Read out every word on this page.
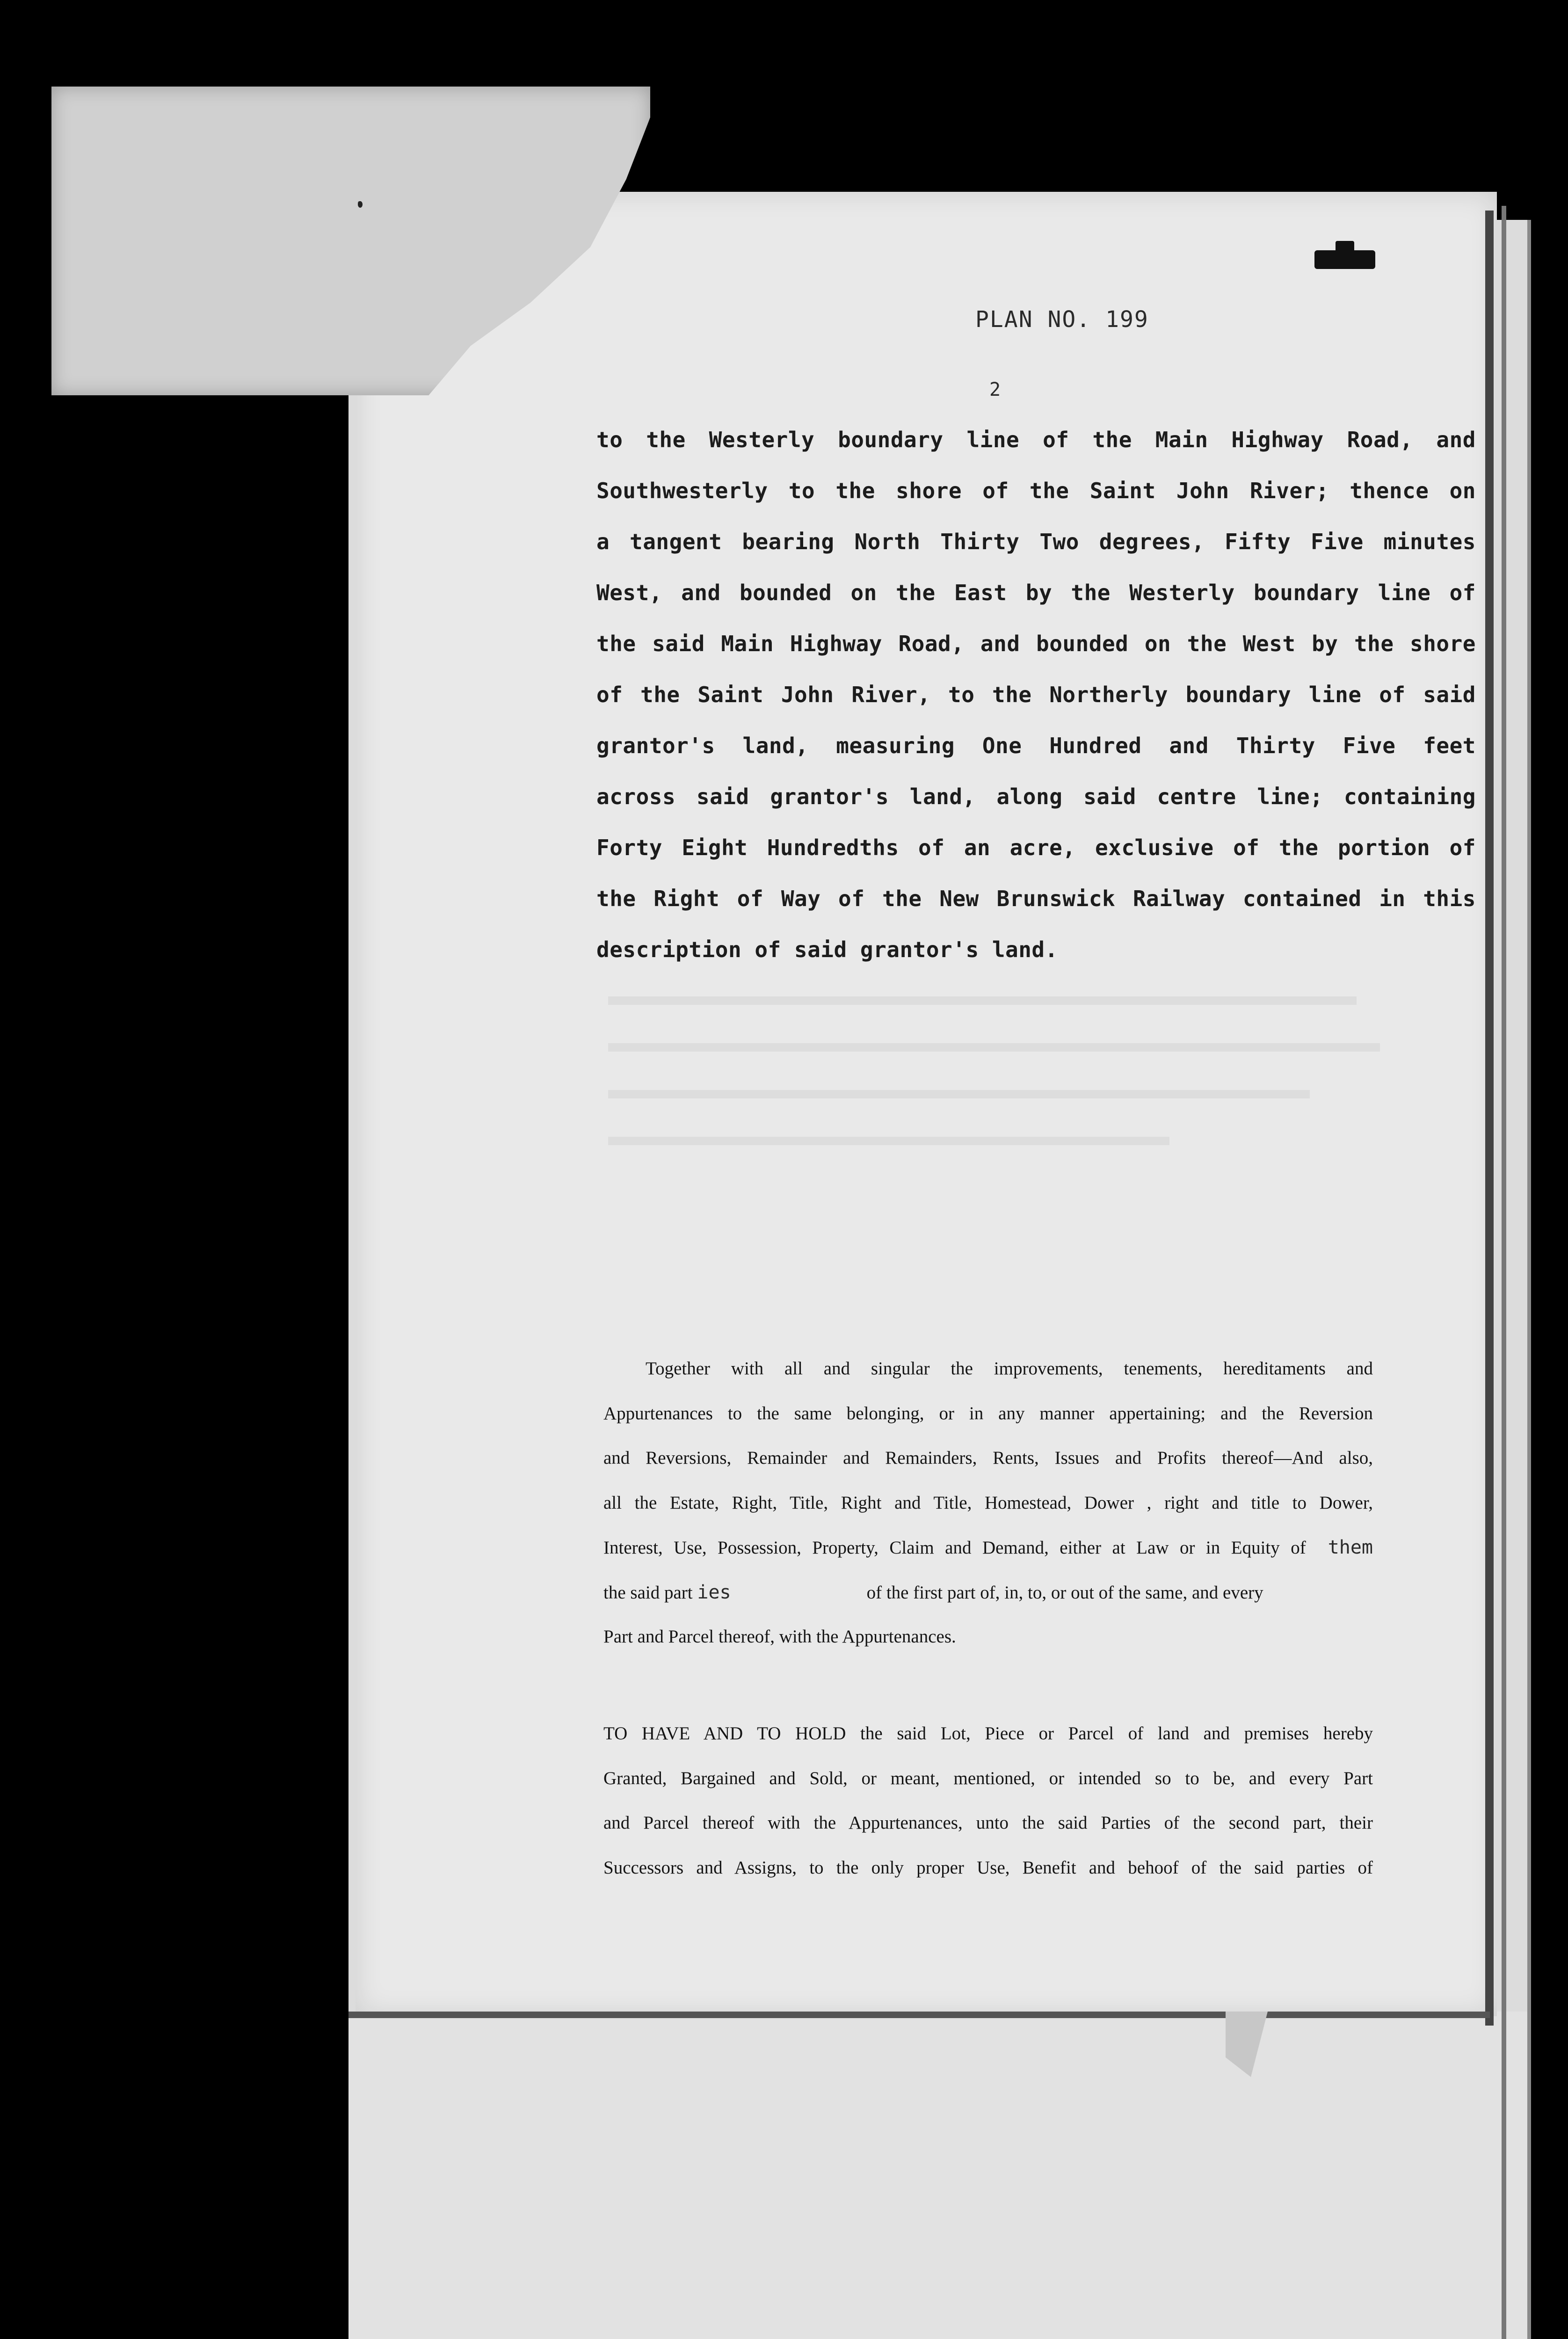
PLAN NO. 199
2
to the Westerly boundary line of the Main Highway Road, and
Southwesterly to the shore of the Saint John River; thence on
a tangent bearing North Thirty Two degrees, Fifty Five minutes
West, and bounded on the East by the Westerly boundary line of
the said Main Highway Road, and bounded on the West by the shore
of the Saint John River, to the Northerly boundary line of said
grantor's land, measuring One Hundred and Thirty Five feet
across said grantor's land, along said centre line; containing
Forty Eight Hundredths of an acre, exclusive of the portion of
the Right of Way of the New Brunswick Railway contained in this
description of said grantor's land.
Together with all and singular the improvements, tenements, hereditaments and
Appurtenances to the same belonging, or in any manner appertaining; and the Reversion
and Reversions, Remainder and Remainders, Rents, Issues and Profits thereof—And also,
all the Estate, Right, Title, Right and Title, Homestead, Dower , right and title to Dower,
Interest, Use, Possession, Property, Claim and Demand, either at Law or in Equity of them
the said part ies	of the first part of, in, to, or out of the same, and every
Part and Parcel thereof, with the Appurtenances.
TO HAVE AND TO HOLD the said Lot, Piece or Parcel of land and premises hereby
Granted, Bargained and Sold, or meant, mentioned, or intended so to be, and every Part
and Parcel thereof with the Appurtenances, unto the said Parties of the second part, their
Successors and Assigns, to the only proper Use, Benefit and behoof of the said parties of
